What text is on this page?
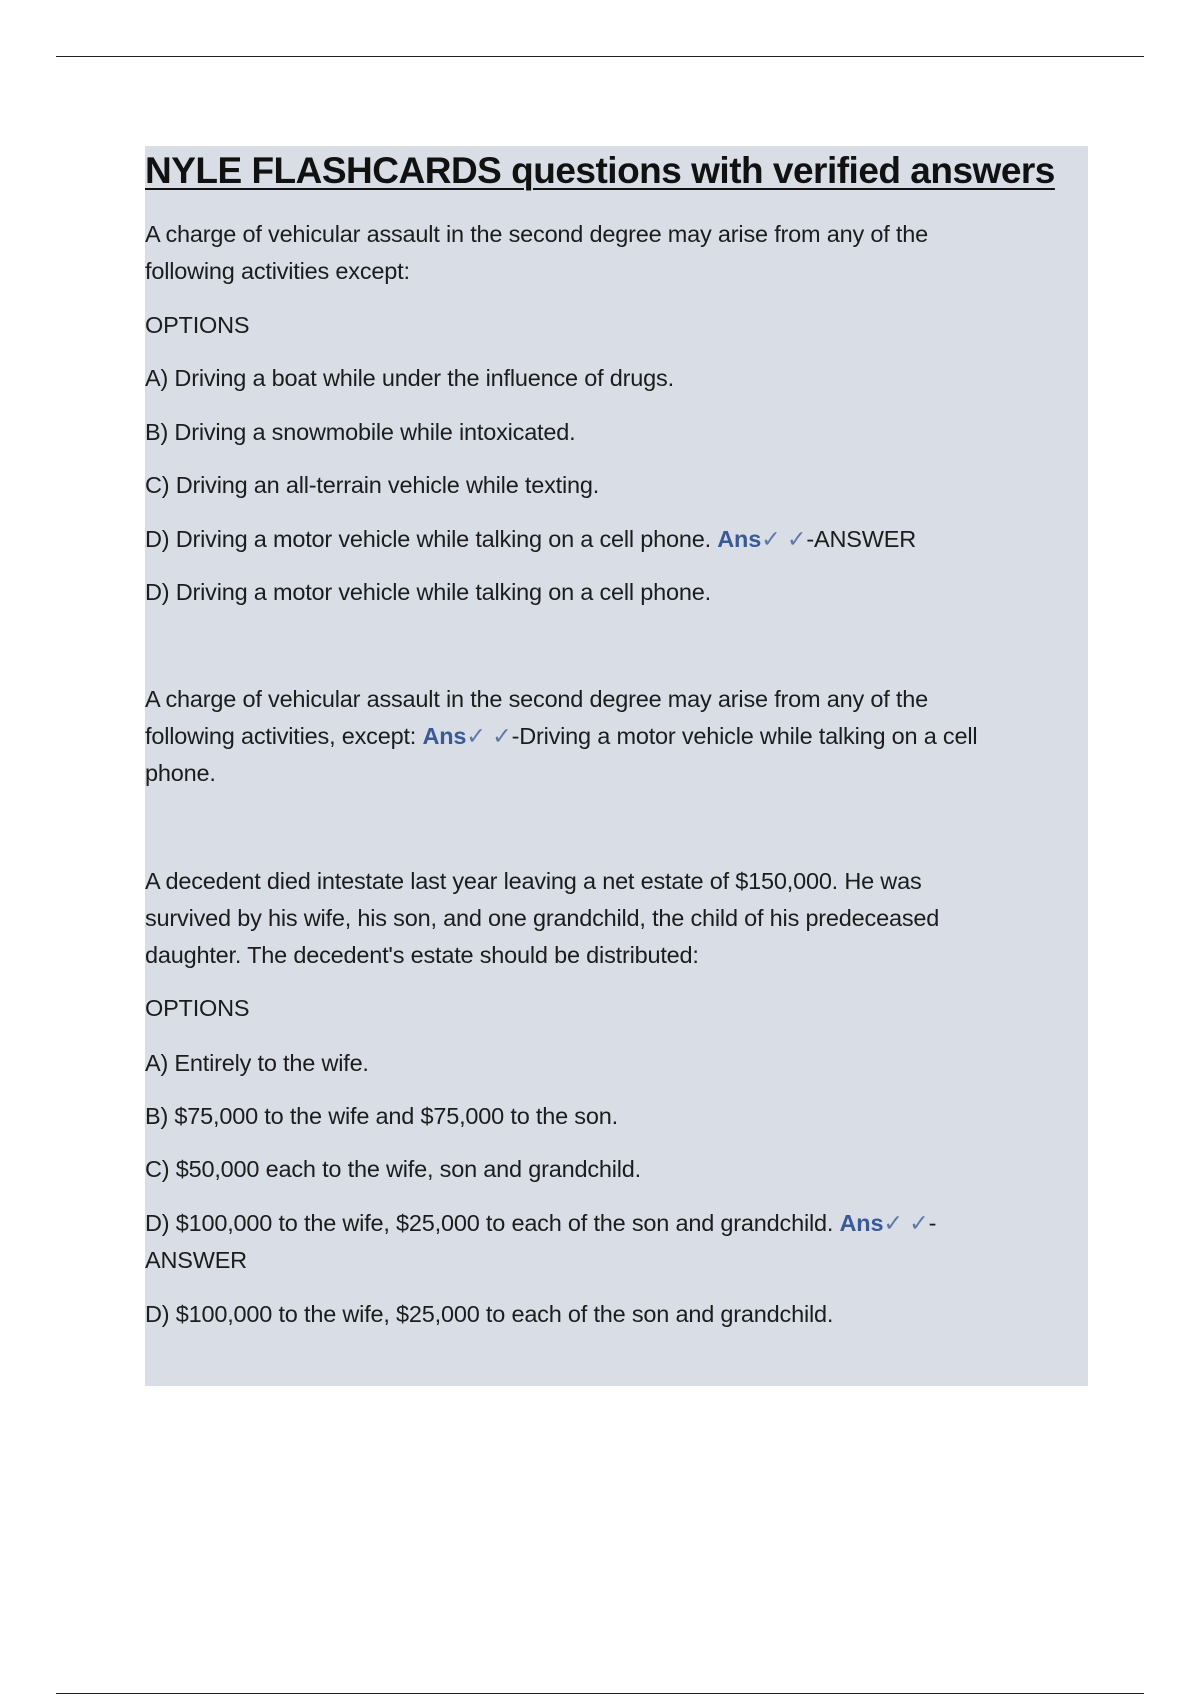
NYLE FLASHCARDS questions with verified answers
A charge of vehicular assault in the second degree may arise from any of the
following activities except:
OPTIONS
A) Driving a boat while under the influence of drugs.
B) Driving a snowmobile while intoxicated.
C) Driving an all-terrain vehicle while texting.
D) Driving a motor vehicle while talking on a cell phone. Ans✓ ✓-ANSWER
D) Driving a motor vehicle while talking on a cell phone.
A charge of vehicular assault in the second degree may arise from any of the
following activities, except: Ans✓ ✓-Driving a motor vehicle while talking on a cell
phone.
A decedent died intestate last year leaving a net estate of $150,000. He was
survived by his wife, his son, and one grandchild, the child of his predeceased
daughter. The decedent's estate should be distributed:
OPTIONS
A) Entirely to the wife.
B) $75,000 to the wife and $75,000 to the son.
C) $50,000 each to the wife, son and grandchild.
D) $100,000 to the wife, $25,000 to each of the son and grandchild. Ans✓ ✓-
ANSWER
D) $100,000 to the wife, $25,000 to each of the son and grandchild.
